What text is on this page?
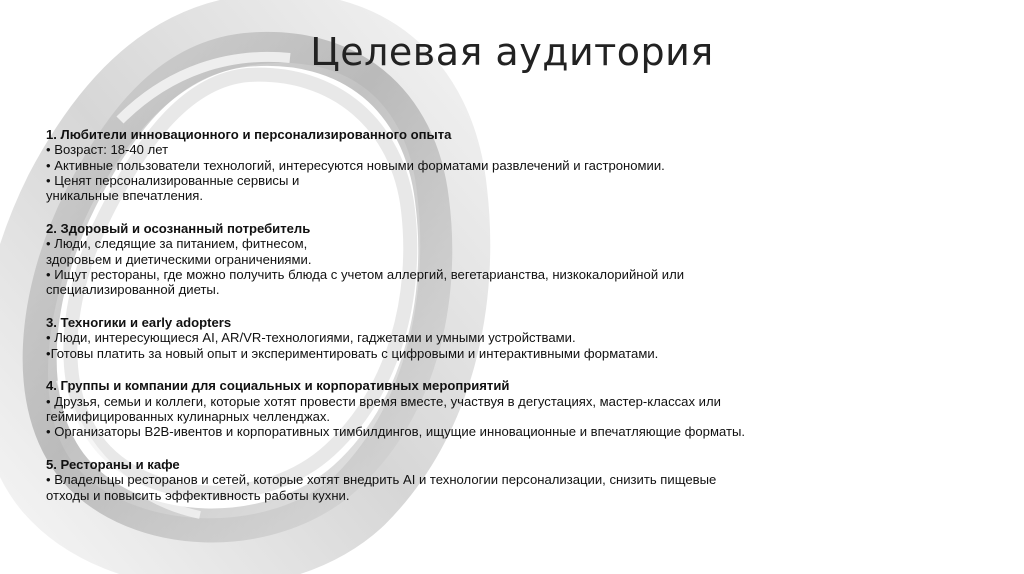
Целевая аудитория

1. Любители инновационного и персонализированного опыта

• Возраст: 18-40 лет

• Активные пользователи технологий, интересуются новыми форматами развлечений и гастрономии.

• Ценят персонализированные сервисы и

уникальные впечатления.

2. Здоровый и осознанный потребитель

• Люди, следящие за питанием, фитнесом,

здоровьем и диетическими ограничениями.

• Ищут рестораны, где можно получить блюда с учетом аллергий, вегетарианства, низкокалорийной или

специализированной диеты.

3. Техногики и early adopters

• Люди, интересующиеся AI, AR/VR-технологиями, гаджетами и умными устройствами.

•Готовы платить за новый опыт и экспериментировать с цифровыми и интерактивными форматами.

4. Группы и компании для социальных и корпоративных мероприятий

• Друзья, семьи и коллеги, которые хотят провести время вместе, участвуя в дегустациях, мастер-классах или

геймифицированных кулинарных челленджах.

• Организаторы B2B-ивентов и корпоративных тимбилдингов, ищущие инновационные и впечатляющие форматы.

5. Рестораны и кафе

• Владельцы ресторанов и сетей, которые хотят внедрить AI и технологии персонализации, снизить пищевые

отходы и повысить эффективность работы кухни.
